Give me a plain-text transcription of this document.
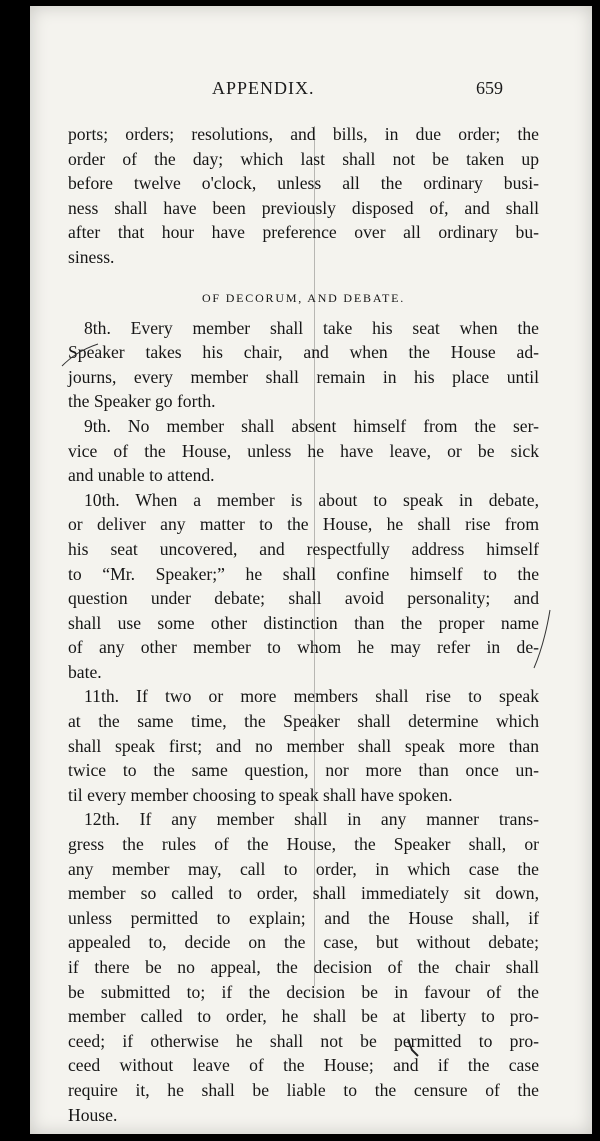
APPENDIX.	659
ports; orders; resolutions, and bills, in due order; the
order of the day; which last shall not be taken up
before twelve o'clock, unless all the ordinary busi-
ness shall have been previously disposed of, and shall
after that hour have preference over all ordinary bu-
siness.
OF DECORUM, AND DEBATE.
8th. Every member shall take his seat when the
Speaker takes his chair, and when the House ad-
journs, every member shall remain in his place until
the Speaker go forth.
9th. No member shall absent himself from the ser-
vice of the House, unless he have leave, or be sick
and unable to attend.
10th. When a member is about to speak in debate,
or deliver any matter to the House, he shall rise from
his seat uncovered, and respectfully address himself
to “Mr. Speaker;” he shall confine himself to the
question under debate; shall avoid personality; and
shall use some other distinction than the proper name
of any other member to whom he may refer in de-
bate.
11th. If two or more members shall rise to speak
at the same time, the Speaker shall determine which
shall speak first; and no member shall speak more than
twice to the same question, nor more than once un-
til every member choosing to speak shall have spoken.
12th. If any member shall in any manner trans-
gress the rules of the House, the Speaker shall, or
any member may, call to order, in which case the
member so called to order, shall immediately sit down,
unless permitted to explain; and the House shall, if
appealed to, decide on the case, but without debate;
if there be no appeal, the decision of the chair shall
be submitted to; if the decision be in favour of the
member called to order, he shall be at liberty to pro-
ceed; if otherwise he shall not be permitted to pro-
ceed without leave of the House; and if the case
require it, he shall be liable to the censure of the
House.
